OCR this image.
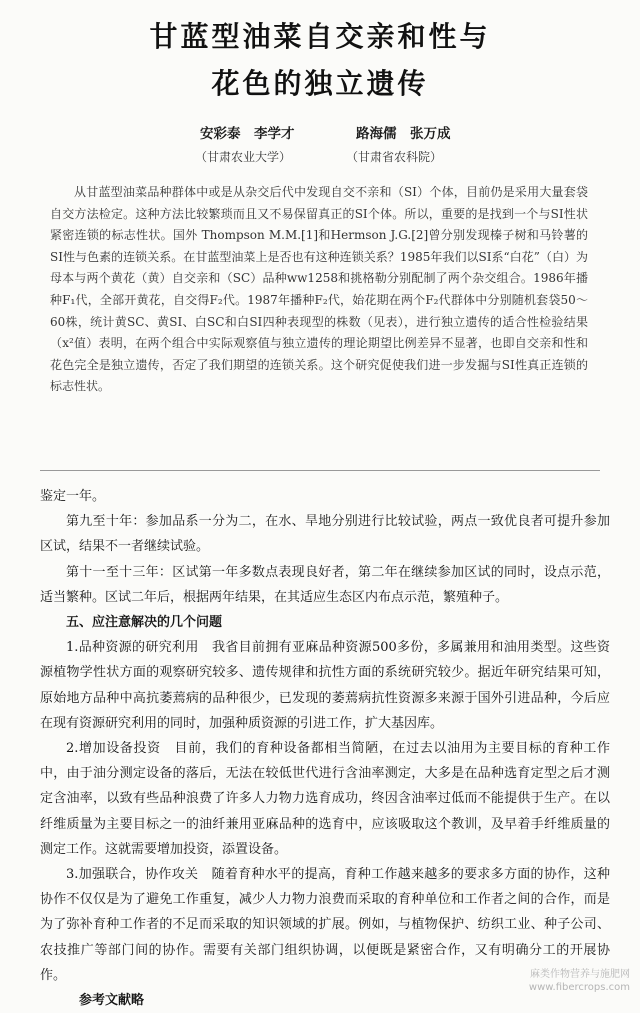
甘蓝型油菜自交亲和性与
花色的独立遗传
安彩泰　李学才	路海儒　张万成
（甘肃农业大学）	（甘肃省农科院）

从甘蓝型油菜品种群体中或是从杂交后代中发现自交不亲和（SI）个体，目前仍是采用大量套袋自交方法检定。这种方法比较繁琐而且又不易保留真正的SI个体。所以，重要的是找到一个与SI性状紧密连锁的标志性状。国外 Thompson M.M.[1]和Hermson J.G.[2]曾分别发现榛子树和马铃薯的SI性与色素的连锁关系。在甘蓝型油菜上是否也有这种连锁关系？1985年我们以SI系“白花”（白）为母本与两个黄花（黄）自交亲和（SC）品种ww1258和挑格勒分别配制了两个杂交组合。1986年播种F₁代，全部开黄花，自交得F₂代。1987年播种F₂代，始花期在两个F₂代群体中分别随机套袋50～60株，统计黄SC、黄SI、白SC和白SI四种表现型的株数（见表），进行独立遗传的适合性检验结果（x²值）表明，在两个组合中实际观察值与独立遗传的理论期望比例差异不显著，也即自交亲和性和花色完全是独立遗传，否定了我们期望的连锁关系。这个研究促使我们进一步发掘与SI性真正连锁的标志性状。

鉴定一年。

第九至十年：参加品系一分为二，在水、旱地分别进行比较试验，两点一致优良者可提升参加区试，结果不一者继续试验。

第十一至十三年：区试第一年多数点表现良好者，第二年在继续参加区试的同时，设点示范，适当繁种。区试二年后，根据两年结果，在其适应生态区内布点示范，繁殖种子。

五、应注意解决的几个问题

1.品种资源的研究利用　我省目前拥有亚麻品种资源500多份，多属兼用和油用类型。这些资源植物学性状方面的观察研究较多、遗传规律和抗性方面的系统研究较少。据近年研究结果可知，原始地方品种中高抗萎蔫病的品种很少，已发现的萎蔫病抗性资源多来源于国外引进品种，今后应在现有资源研究利用的同时，加强种质资源的引进工作，扩大基因库。

2.增加设备投资　目前，我们的育种设备都相当简陋，在过去以油用为主要目标的育种工作中，由于油分测定设备的落后，无法在较低世代进行含油率测定，大多是在品种选育定型之后才测定含油率，以致有些品种浪费了许多人力物力选育成功，终因含油率过低而不能提供于生产。在以纤维质量为主要目标之一的油纤兼用亚麻品种的选育中，应该吸取这个教训，及早着手纤维质量的测定工作。这就需要增加投资，添置设备。

3.加强联合，协作攻关　随着育种水平的提高，育种工作越来越多的要求多方面的协作，这种协作不仅仅是为了避免工作重复，减少人力物力浪费而采取的育种单位和工作者之间的合作，而是为了弥补育种工作者的不足而采取的知识领域的扩展。例如，与植物保护、纺织工业、种子公司、农技推广等部门间的协作。需要有关部门组织协调，以便既是紧密合作，又有明确分工的开展协作。

参考文献略

麻类作物营养与施肥网
www.fibercrops.com
